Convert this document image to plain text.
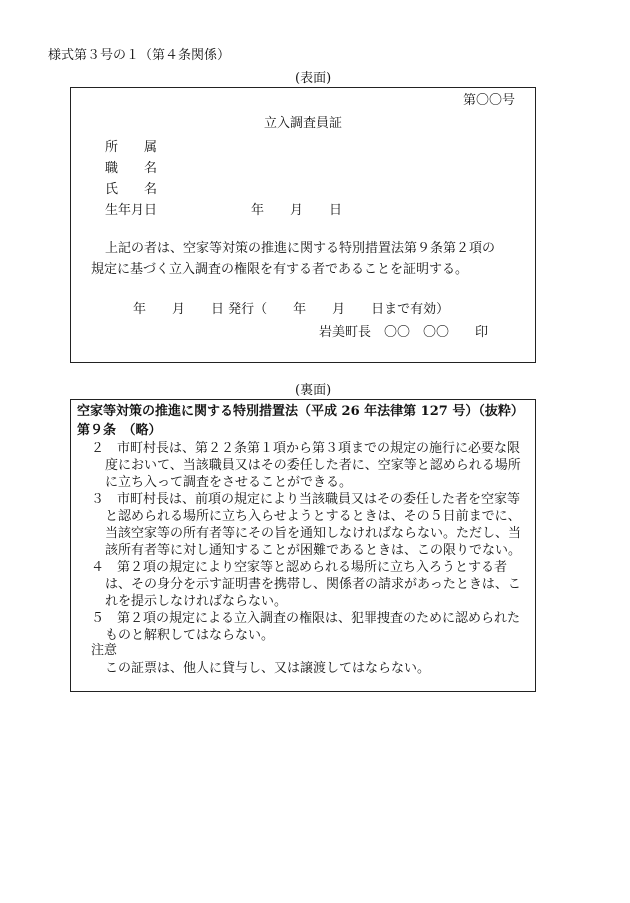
様式第３号の１（第４条関係）
(表面)
第〇〇号
立入調査員証
所　　属
職　　名
氏　　名
生年月日	年　　月　　日
上記の者は、空家等対策の推進に関する特別措置法第９条第２項の
規定に基づく立入調査の権限を有する者であることを証明する。
年　　月　　日 発行（　　年　　月　　日まで有効）
岩美町長　〇〇　〇〇　　印
(裏面)
空家等対策の推進に関する特別措置法（平成 26 年法律第 127 号）（抜粋）
第９条　（略）
２　市町村長は、第２２条第１項から第３項までの規定の施行に必要な限
度において、当該職員又はその委任した者に、空家等と認められる場所
に立ち入って調査をさせることができる。
３　市町村長は、前項の規定により当該職員又はその委任した者を空家等
と認められる場所に立ち入らせようとするときは、その５日前までに、
当該空家等の所有者等にその旨を通知しなければならない。ただし、当
該所有者等に対し通知することが困難であるときは、この限りでない。
４　第２項の規定により空家等と認められる場所に立ち入ろうとする者
は、その身分を示す証明書を携帯し、関係者の請求があったときは、こ
れを提示しなければならない。
５　第２項の規定による立入調査の権限は、犯罪捜査のために認められた
ものと解釈してはならない。
注意
この証票は、他人に貸与し、又は譲渡してはならない。
